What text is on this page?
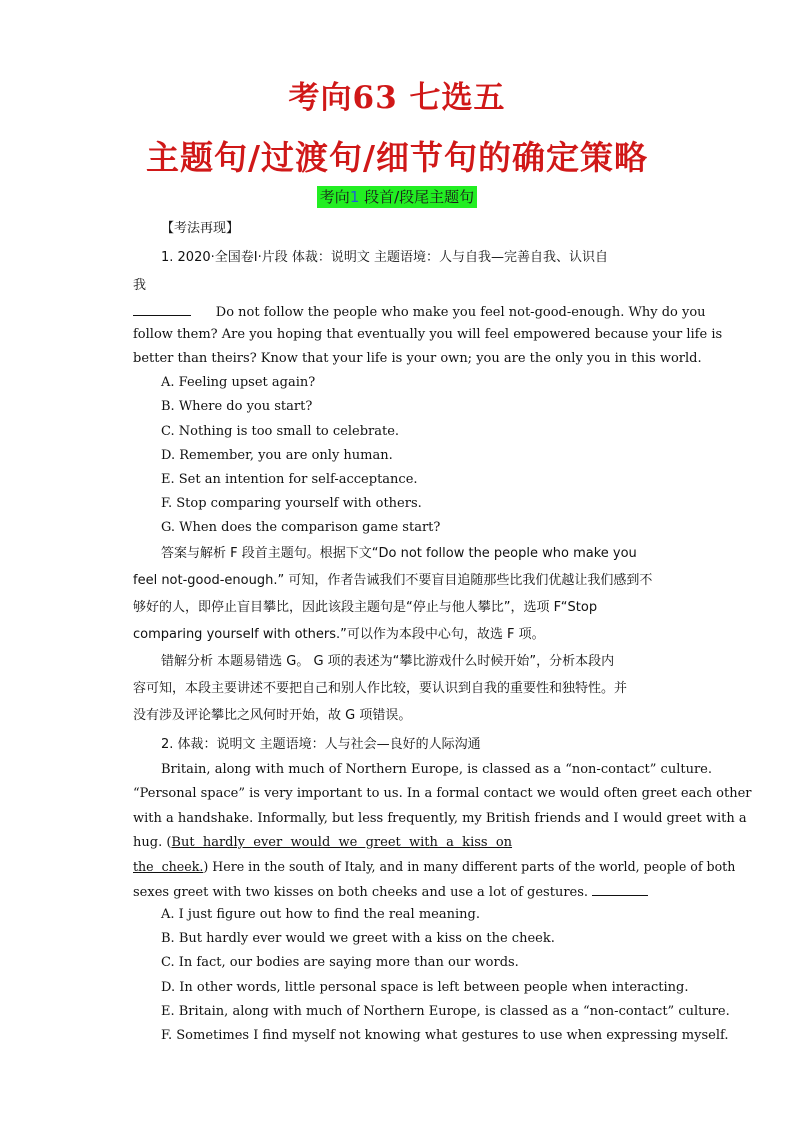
考向63 七选五
主题句/过渡句/细节句的确定策略
考向1 段首/段尾主题句
【考法再现】
1. 2020·全国卷Ⅰ·片段 体裁：说明文 主题语境：人与自我—完善自我、认识自
我
Do not follow the people who make you feel not-good-enough. Why do you
follow them? Are you hoping that eventually you will feel empowered because your life is
better than theirs? Know that your life is your own; you are the only you in this world.
A. Feeling upset again?
B. Where do you start?
C. Nothing is too small to celebrate.
D. Remember, you are only human.
E. Set an intention for self-acceptance.
F. Stop comparing yourself with others.
G. When does the comparison game start?
答案与解析 F 段首主题句。根据下文“Do not follow the people who make you
feel not-good-enough.” 可知，作者告诫我们不要盲目追随那些比我们优越让我们感到不
够好的人，即停止盲目攀比，因此该段主题句是“停止与他人攀比”，选项 F“Stop
comparing yourself with others.”可以作为本段中心句，故选 F 项。
错解分析 本题易错选 G。 G 项的表述为“攀比游戏什么时候开始”，分析本段内
容可知，本段主要讲述不要把自己和别人作比较，要认识到自我的重要性和独特性。并
没有涉及评论攀比之风何时开始，故 G 项错误。
2. 体裁：说明文 主题语境：人与社会—良好的人际沟通
Britain, along with much of Northern Europe, is classed as a “non-contact” culture.
“Personal space” is very important to us. In a formal contact we would often greet each other
with a handshake. Informally, but less frequently, my British friends and I would greet with a
hug. (But  hardly  ever  would  we  greet  with  a  kiss  on
the  cheek.) Here in the south of Italy, and in many different parts of the world, people of both
sexes greet with two kisses on both cheeks and use a lot of gestures.
A. I just figure out how to find the real meaning.
B. But hardly ever would we greet with a kiss on the cheek.
C. In fact, our bodies are saying more than our words.
D. In other words, little personal space is left between people when interacting.
E. Britain, along with much of Northern Europe, is classed as a “non-contact” culture.
F. Sometimes I find myself not knowing what gestures to use when expressing myself.
